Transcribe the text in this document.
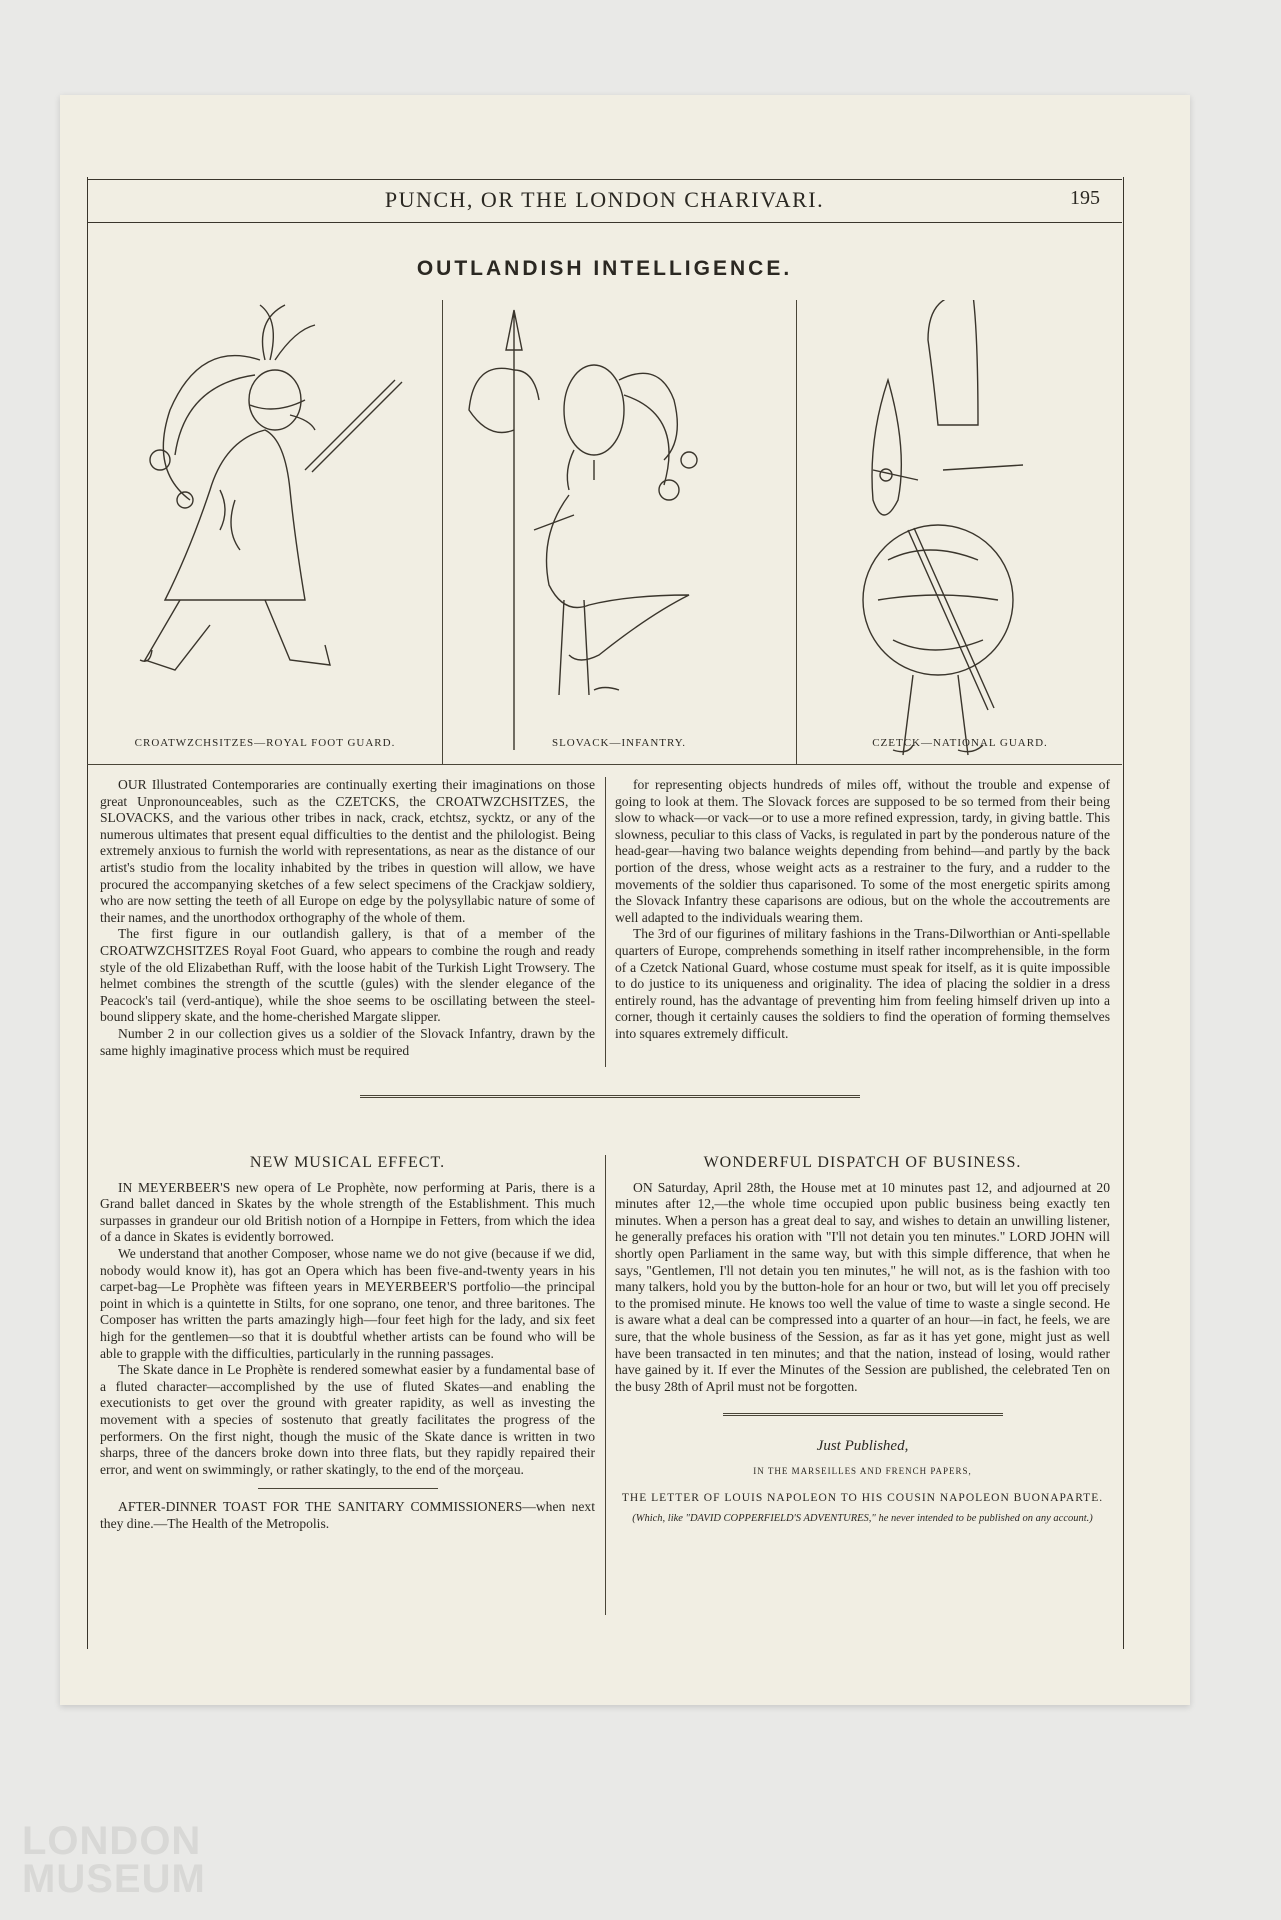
PUNCH, OR THE LONDON CHARIVARI.	195
OUTLANDISH INTELLIGENCE.
CROATWZCHSITZES—ROYAL FOOT GUARD.	SLOVACK—INFANTRY.	CZETCK—NATIONAL GUARD.

OUR Illustrated Contemporaries are continually exerting their imaginations on those great Unpronounceables, such as the CZETCKS, the CROATWZCHSITZES, the SLOVACKS, and the various other tribes in nack, crack, etchtsz, sycktz, or any of the numerous ultimates that present equal difficulties to the dentist and the philologist. Being extremely anxious to furnish the world with representations, as near as the distance of our artist's studio from the locality inhabited by the tribes in question will allow, we have procured the accompanying sketches of a few select specimens of the Crackjaw soldiery, who are now setting the teeth of all Europe on edge by the polysyllabic nature of some of their names, and the unorthodox orthography of the whole of them.

The first figure in our outlandish gallery, is that of a member of the CROATWZCHSITZES Royal Foot Guard, who appears to combine the rough and ready style of the old Elizabethan Ruff, with the loose habit of the Turkish Light Trowsery. The helmet combines the strength of the scuttle (gules) with the slender elegance of the Peacock's tail (verd-antique), while the shoe seems to be oscillating between the steel-bound slippery skate, and the home-cherished Margate slipper.

Number 2 in our collection gives us a soldier of the Slovack Infantry, drawn by the same highly imaginative process which must be required

for representing objects hundreds of miles off, without the trouble and expense of going to look at them. The Slovack forces are supposed to be so termed from their being slow to whack—or vack—or to use a more refined expression, tardy, in giving battle. This slowness, peculiar to this class of Vacks, is regulated in part by the ponderous nature of the head-gear—having two balance weights depending from behind—and partly by the back portion of the dress, whose weight acts as a restrainer to the fury, and a rudder to the movements of the soldier thus caparisoned. To some of the most energetic spirits among the Slovack Infantry these caparisons are odious, but on the whole the accoutrements are well adapted to the individuals wearing them.

The 3rd of our figurines of military fashions in the Trans-Dilworthian or Anti-spellable quarters of Europe, comprehends something in itself rather incomprehensible, in the form of a Czetck National Guard, whose costume must speak for itself, as it is quite impossible to do justice to its uniqueness and originality. The idea of placing the soldier in a dress entirely round, has the advantage of preventing him from feeling himself driven up into a corner, though it certainly causes the soldiers to find the operation of forming themselves into squares extremely difficult.

NEW MUSICAL EFFECT.

IN MEYERBEER'S new opera of Le Prophète, now performing at Paris, there is a Grand ballet danced in Skates by the whole strength of the Establishment. This much surpasses in grandeur our old British notion of a Hornpipe in Fetters, from which the idea of a dance in Skates is evidently borrowed.

We understand that another Composer, whose name we do not give (because if we did, nobody would know it), has got an Opera which has been five-and-twenty years in his carpet-bag—Le Prophète was fifteen years in MEYERBEER'S portfolio—the principal point in which is a quintette in Stilts, for one soprano, one tenor, and three baritones. The Composer has written the parts amazingly high—four feet high for the lady, and six feet high for the gentlemen—so that it is doubtful whether artists can be found who will be able to grapple with the difficulties, particularly in the running passages.

The Skate dance in Le Prophète is rendered somewhat easier by a fundamental base of a fluted character—accomplished by the use of fluted Skates—and enabling the executionists to get over the ground with greater rapidity, as well as investing the movement with a species of sostenuto that greatly facilitates the progress of the performers. On the first night, though the music of the Skate dance is written in two sharps, three of the dancers broke down into three flats, but they rapidly repaired their error, and went on swimmingly, or rather skatingly, to the end of the morçeau.

AFTER-DINNER TOAST FOR THE SANITARY COMMISSIONERS—when next they dine.—The Health of the Metropolis.

WONDERFUL DISPATCH OF BUSINESS.

ON Saturday, April 28th, the House met at 10 minutes past 12, and adjourned at 20 minutes after 12,—the whole time occupied upon public business being exactly ten minutes. When a person has a great deal to say, and wishes to detain an unwilling listener, he generally prefaces his oration with "I'll not detain you ten minutes." LORD JOHN will shortly open Parliament in the same way, but with this simple difference, that when he says, "Gentlemen, I'll not detain you ten minutes," he will not, as is the fashion with too many talkers, hold you by the button-hole for an hour or two, but will let you off precisely to the promised minute. He knows too well the value of time to waste a single second. He is aware what a deal can be compressed into a quarter of an hour—in fact, he feels, we are sure, that the whole business of the Session, as far as it has yet gone, might just as well have been transacted in ten minutes; and that the nation, instead of losing, would rather have gained by it. If ever the Minutes of the Session are published, the celebrated Ten on the busy 28th of April must not be forgotten.

Just Published,
IN THE MARSEILLES AND FRENCH PAPERS,
THE LETTER OF LOUIS NAPOLEON TO HIS COUSIN NAPOLEON BUONAPARTE.
(Which, like "DAVID COPPERFIELD'S ADVENTURES," he never intended to be published on any account.)
LONDON
MUSEUM
